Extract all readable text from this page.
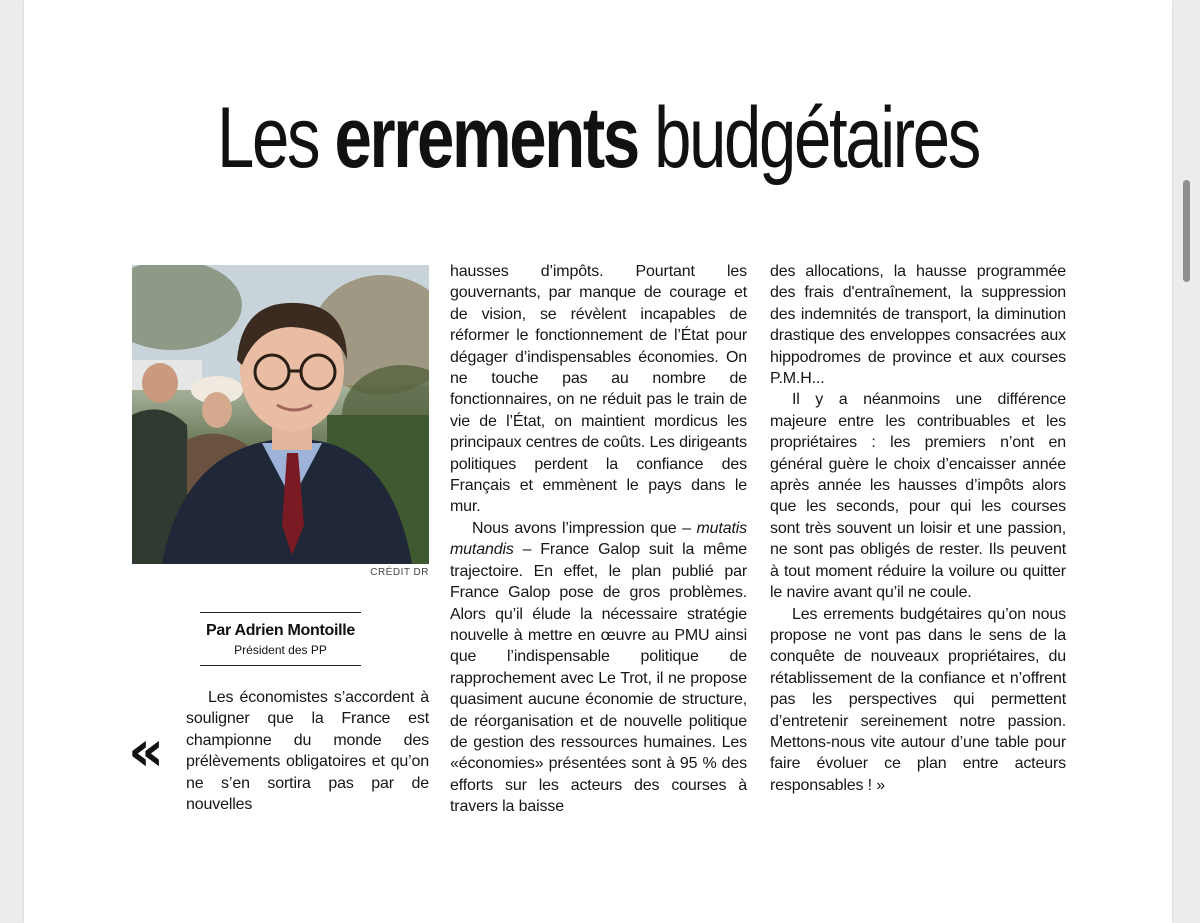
Les errements budgétaires
CRÉDIT DR
Par Adrien Montoille
Président des PP
«

Les économistes s’accordent à souligner que la France est championne du monde des prélèvements obligatoires et qu’on ne s’en sortira pas par de nouvelles

hausses d’impôts. Pourtant les gouvernants, par manque de courage et de vision, se révèlent incapables de réformer le fonctionnement de l’État pour dégager d’indispensables économies. On ne touche pas au nombre de fonctionnaires, on ne réduit pas le train de vie de l’État, on maintient mordicus les principaux centres de coûts. Les dirigeants politiques perdent la confiance des Français et emmènent le pays dans le mur.

Nous avons l’impression que – mutatis mutandis – France Galop suit la même trajectoire. En effet, le plan publié par France Galop pose de gros problèmes. Alors qu’il élude la nécessaire stratégie nouvelle à mettre en œuvre au PMU ainsi que l’indispensable politique de rapprochement avec Le Trot, il ne propose quasiment aucune économie de structure, de réorganisation et de nouvelle politique de gestion des ressources humaines. Les «économies» présentées sont à 95 % des efforts sur les acteurs des courses à travers la baisse

des allocations, la hausse programmée des frais d'entraînement, la suppression des indemnités de transport, la diminution drastique des enveloppes consacrées aux hippodromes de province et aux courses P.M.H...

Il y a néanmoins une différence majeure entre les contribuables et les propriétaires : les premiers n’ont en général guère le choix d’encaisser année après année les hausses d’impôts alors que les seconds, pour qui les courses sont très souvent un loisir et une passion, ne sont pas obligés de rester. Ils peuvent à tout moment réduire la voilure ou quitter le navire avant qu’il ne coule.

Les errements budgétaires qu’on nous propose ne vont pas dans le sens de la conquête de nouveaux propriétaires, du rétablissement de la confiance et n’offrent pas les perspectives qui permettent d’entretenir sereinement notre passion. Mettons-nous vite autour d’une table pour faire évoluer ce plan entre acteurs responsables ! »
